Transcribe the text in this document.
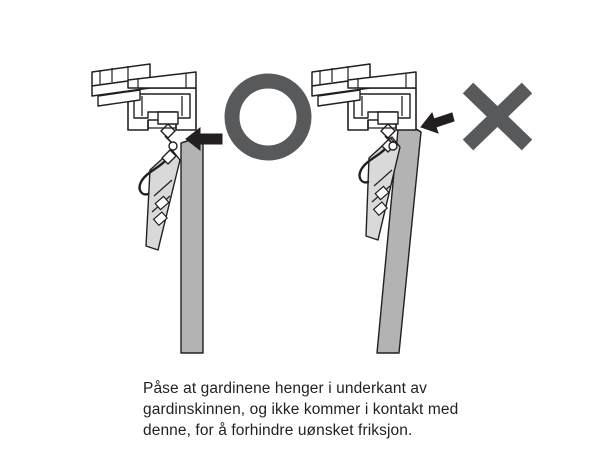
Påse at gardinene henger i underkant av
gardinskinnen, og ikke kommer i kontakt med
denne, for å forhindre uønsket friksjon.
